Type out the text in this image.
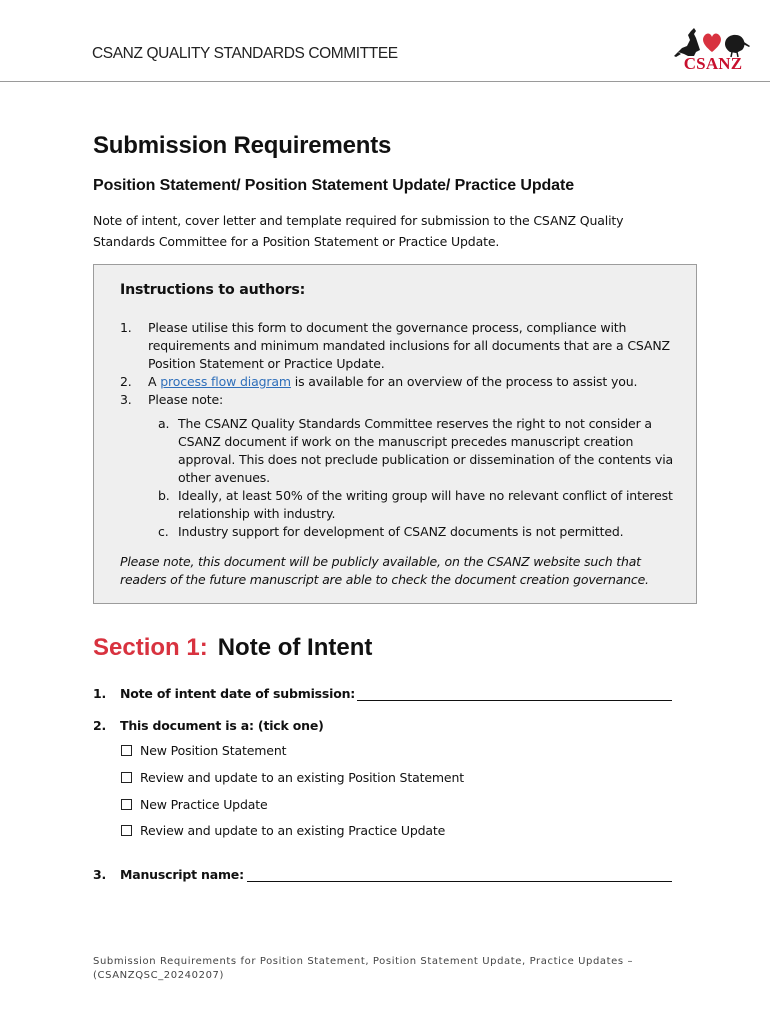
CSANZ QUALITY STANDARDS COMMITTEE
CSANZ
Submission Requirements
Position Statement/ Position Statement Update/ Practice Update
Note of intent, cover letter and template required for submission to the CSANZ Quality Standards Committee for a Position Statement or Practice Update.
Instructions to authors:
1. Please utilise this form to document the governance process, compliance with requirements and minimum mandated inclusions for all documents that are a CSANZ Position Statement or Practice Update.
2. A process flow diagram is available for an overview of the process to assist you.
3. Please note:
a. The CSANZ Quality Standards Committee reserves the right to not consider a CSANZ document if work on the manuscript precedes manuscript creation approval. This does not preclude publication or dissemination of the contents via other avenues.
b. Ideally, at least 50% of the writing group will have no relevant conflict of interest relationship with industry.
c. Industry support for development of CSANZ documents is not permitted.
Please note, this document will be publicly available, on the CSANZ website such that readers of the future manuscript are able to check the document creation governance.
Section 1: Note of Intent
1. Note of intent date of submission:
2. This document is a: (tick one)
New Position Statement
Review and update to an existing Position Statement
New Practice Update
Review and update to an existing Practice Update
3. Manuscript name:
Submission Requirements for Position Statement, Position Statement Update, Practice Updates –
(CSANZQSC_20240207)
